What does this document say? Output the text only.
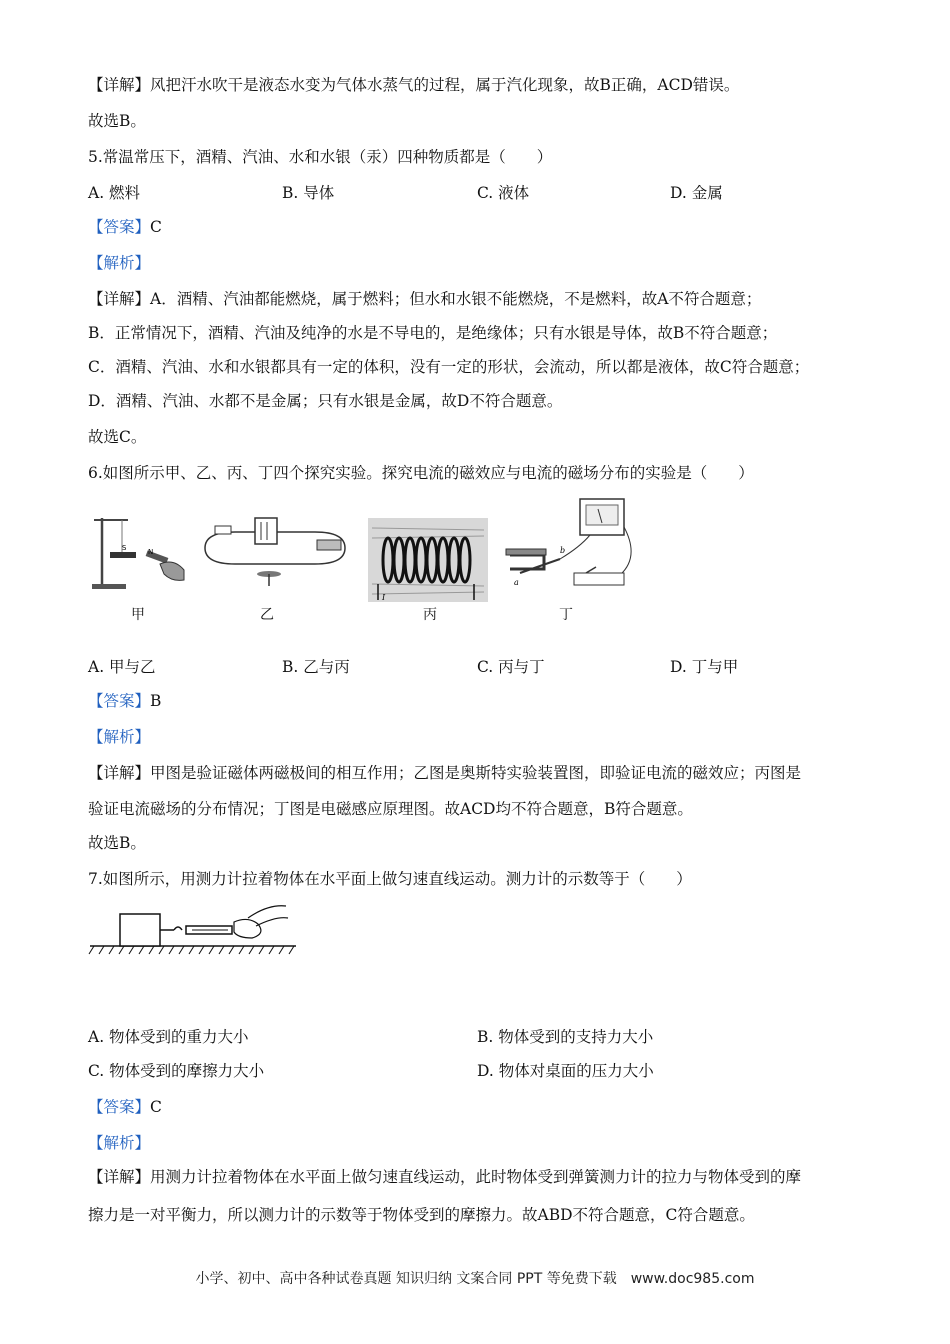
【详解】风把汗水吹干是液态水变为气体水蒸气的过程，属于汽化现象，故B正确，ACD错误。
故选B。
5.常温常压下，酒精、汽油、水和水银（汞）四种物质都是（　　）
A. 燃料	B. 导体	C. 液体	D. 金属
【答案】C
【解析】
【详解】A．酒精、汽油都能燃烧，属于燃料；但水和水银不能燃烧，不是燃料，故A不符合题意；
B．正常情况下，酒精、汽油及纯净的水是不导电的，是绝缘体；只有水银是导体，故B不符合题意；
C．酒精、汽油、水和水银都具有一定的体积，没有一定的形状，会流动，所以都是液体，故C符合题意；
D．酒精、汽油、水都不是金属；只有水银是金属，故D不符合题意。
故选C。
6.如图所示甲、乙、丙、丁四个探究实验。探究电流的磁效应与电流的磁场分布的实验是（　　）
S	N
甲	乙
I
丙
a
b
丁
A. 甲与乙	B. 乙与丙	C. 丙与丁	D. 丁与甲
【答案】B
【解析】
【详解】甲图是验证磁体两磁极间的相互作用；乙图是奥斯特实验装置图，即验证电流的磁效应；丙图是
验证电流磁场的分布情况；丁图是电磁感应原理图。故ACD均不符合题意，B符合题意。
故选B。
7.如图所示，用测力计拉着物体在水平面上做匀速直线运动。测力计的示数等于（　　）
A. 物体受到的重力大小	B. 物体受到的支持力大小
C. 物体受到的摩擦力大小	D. 物体对桌面的压力大小
【答案】C
【解析】
【详解】用测力计拉着物体在水平面上做匀速直线运动，此时物体受到弹簧测力计的拉力与物体受到的摩
擦力是一对平衡力，所以测力计的示数等于物体受到的摩擦力。故ABD不符合题意，C符合题意。
小学、初中、高中各种试卷真题 知识归纳 文案合同 PPT 等免费下载　www.doc985.com
